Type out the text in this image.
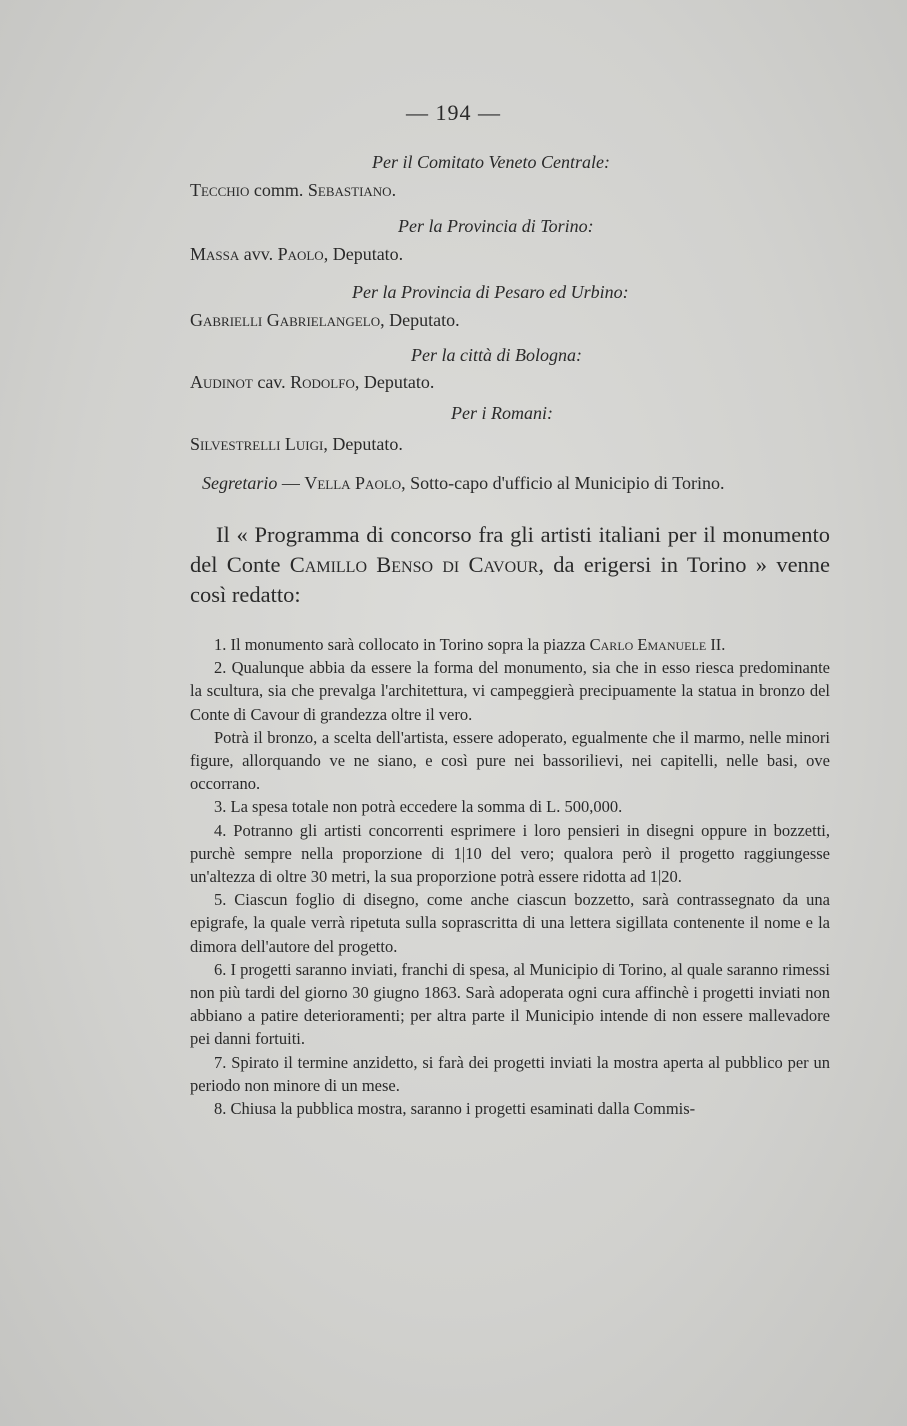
— 194 —
Per il Comitato Veneto Centrale:
Tecchio comm. Sebastiano.
Per la Provincia di Torino:
Massa avv. Paolo, Deputato.
Per la Provincia di Pesaro ed Urbino:
Gabrielli Gabrielangelo, Deputato.
Per la città di Bologna:
Audinot cav. Rodolfo, Deputato.
Per i Romani:
Silvestrelli Luigi, Deputato.
Segretario — Vella Paolo, Sotto-capo d'ufficio al Municipio di Torino.
Il « Programma di concorso fra gli artisti italiani per il monumento del Conte Camillo Benso di Cavour, da erigersi in Torino » venne così redatto:

1. Il monumento sarà collocato in Torino sopra la piazza Carlo Emanuele II.

2. Qualunque abbia da essere la forma del monumento, sia che in esso riesca predominante la scultura, sia che prevalga l'architettura, vi campeggierà precipuamente la statua in bronzo del Conte di Cavour di grandezza oltre il vero.

Potrà il bronzo, a scelta dell'artista, essere adoperato, egualmente che il marmo, nelle minori figure, allorquando ve ne siano, e così pure nei bassorilievi, nei capitelli, nelle basi, ove occorrano.

3. La spesa totale non potrà eccedere la somma di L. 500,000.

4. Potranno gli artisti concorrenti esprimere i loro pensieri in disegni oppure in bozzetti, purchè sempre nella proporzione di 1|10 del vero; qualora però il progetto raggiungesse un'altezza di oltre 30 metri, la sua proporzione potrà essere ridotta ad 1|20.

5. Ciascun foglio di disegno, come anche ciascun bozzetto, sarà contrassegnato da una epigrafe, la quale verrà ripetuta sulla soprascritta di una lettera sigillata contenente il nome e la dimora dell'autore del progetto.

6. I progetti saranno inviati, franchi di spesa, al Municipio di Torino, al quale saranno rimessi non più tardi del giorno 30 giugno 1863. Sarà adoperata ogni cura affinchè i progetti inviati non abbiano a patire deterioramenti; per altra parte il Municipio intende di non essere mallevadore pei danni fortuiti.

7. Spirato il termine anzidetto, si farà dei progetti inviati la mostra aperta al pubblico per un periodo non minore di un mese.

8. Chiusa la pubblica mostra, saranno i progetti esaminati dalla Commis-
